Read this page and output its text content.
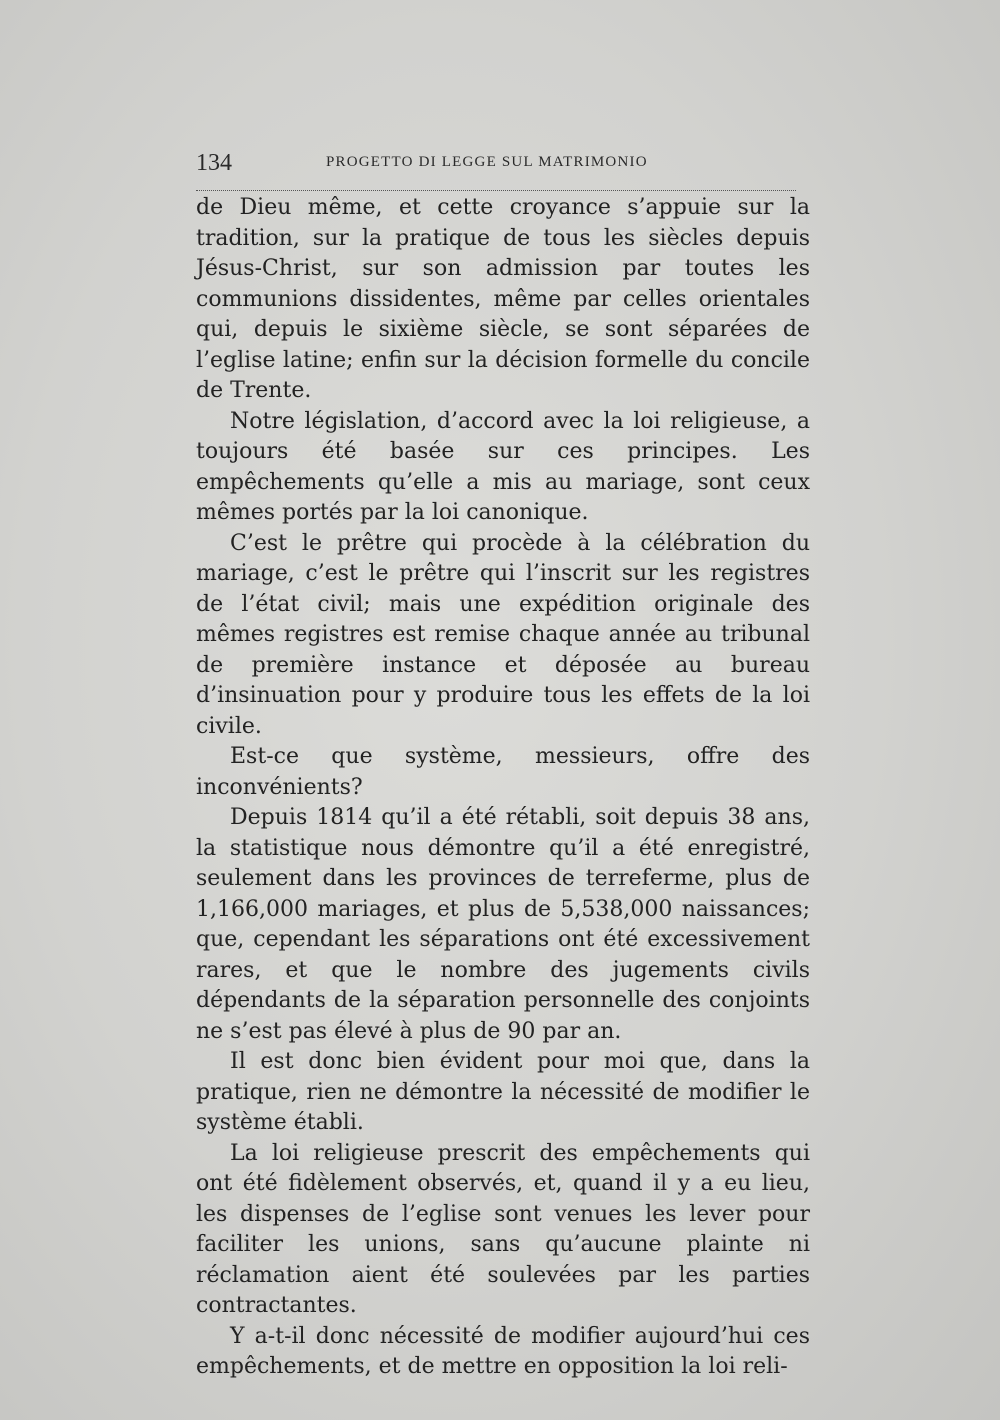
134	PROGETTO DI LEGGE SUL MATRIMONIO

de Dieu même, et cette croyance s’appuie sur la tradition, sur la pratique de tous les siècles depuis Jésus-Christ, sur son admission par toutes les communions dissidentes, même par celles orientales qui, depuis le sixième siècle, se sont séparées de l’eglise latine; enfin sur la décision formelle du concile de Trente.

Notre législation, d’accord avec la loi religieuse, a toujours été basée sur ces principes. Les empêchements qu’elle a mis au mariage, sont ceux mêmes portés par la loi canonique.

C’est le prêtre qui procède à la célébration du mariage, c’est le prêtre qui l’inscrit sur les registres de l’état civil; mais une expédition originale des mêmes registres est remise chaque année au tribunal de première instance et déposée au bureau d’insinuation pour y produire tous les effets de la loi civile.

Est-ce que système, messieurs, offre des inconvénients?

Depuis 1814 qu’il a été rétabli, soit depuis 38 ans, la statistique nous démontre qu’il a été enregistré, seulement dans les provinces de terreferme, plus de 1,166,000 mariages, et plus de 5,538,000 naissances; que, cependant les séparations ont été excessivement rares, et que le nombre des jugements civils dépendants de la séparation personnelle des conjoints ne s’est pas élevé à plus de 90 par an.

Il est donc bien évident pour moi que, dans la pratique, rien ne démontre la nécessité de modifier le système établi.

La loi religieuse prescrit des empêchements qui ont été fidèlement observés, et, quand il y a eu lieu, les dispenses de l’eglise sont venues les lever pour faciliter les unions, sans qu’aucune plainte ni réclamation aient été soulevées par les parties contractantes.

Y a-t-il donc nécessité de modifier aujourd’hui ces empêchements, et de mettre en opposition la loi reli-
